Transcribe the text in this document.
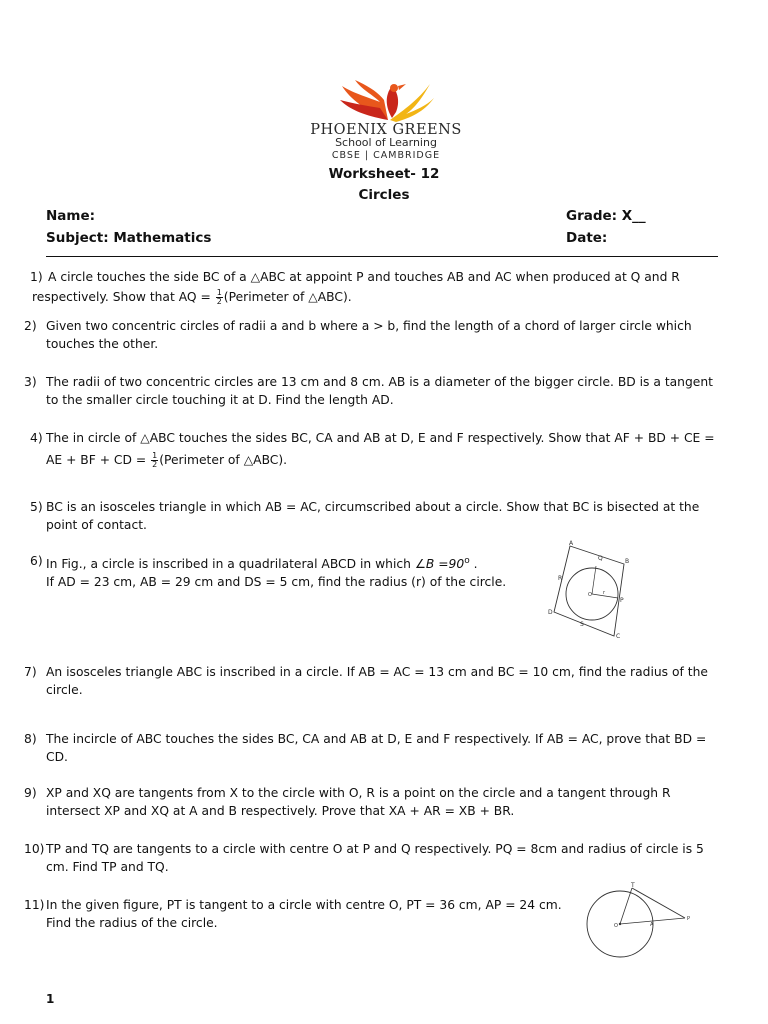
PHOENIX GREENS
School of Learning
CBSE | CAMBRIDGE
Worksheet- 12
Circles
Name:	Grade: X__
Subject: Mathematics	Date:
1) A circle touches the side BC of a △ABC at appoint P and touches AB and AC when produced at Q and R
respectively. Show that AQ = $\frac{1}{2}$ (Perimeter of △ABC).
2) Given two concentric circles of radii a and b where a > b, find the length of a chord of larger circle which touches the other.
3) The radii of two concentric circles are 13 cm and 8 cm. AB is a diameter of the bigger circle. BD is a tangent to the smaller circle touching it at D. Find the length AD.
4) The in circle of △ABC touches the sides BC, CA and AB at D, E and F respectively. Show that AF + BD + CE =
AE + BF + CD = $\frac{1}{2}$ (Perimeter of △ABC).
5) BC is an isosceles triangle in which AB = AC, circumscribed about a circle. Show that BC is bisected at the point of contact.
6) In Fig., a circle is inscribed in a quadrilateral ABCD in which ∠B $=90^o$ .
If AD = 23 cm, AB = 29 cm and DS = 5 cm, find the radius (r) of the circle.
A
Q	B
R
O r
P
D
S
C
7) An isosceles triangle ABC is inscribed in a circle. If AB = AC = 13 cm and BC = 10 cm, find the radius of the circle.
8) The incircle of ABC touches the sides BC, CA and AB at D, E and F respectively. If AB = AC, prove that BD = CD.
9) XP and XQ are tangents from X to the circle with O, R is a point on the circle and a tangent through R
intersect XP and XQ at A and B respectively. Prove that XA + AR = XB + BR.
10) TP and TQ are tangents to a circle with centre O at P and Q respectively. PQ = 8cm and radius of circle is 5
cm. Find TP and TQ.
11) In the given figure, PT is tangent to a circle with centre O, PT = 36 cm, AP = 24 cm.
Find the radius of the circle.
T
O	A
P
1
